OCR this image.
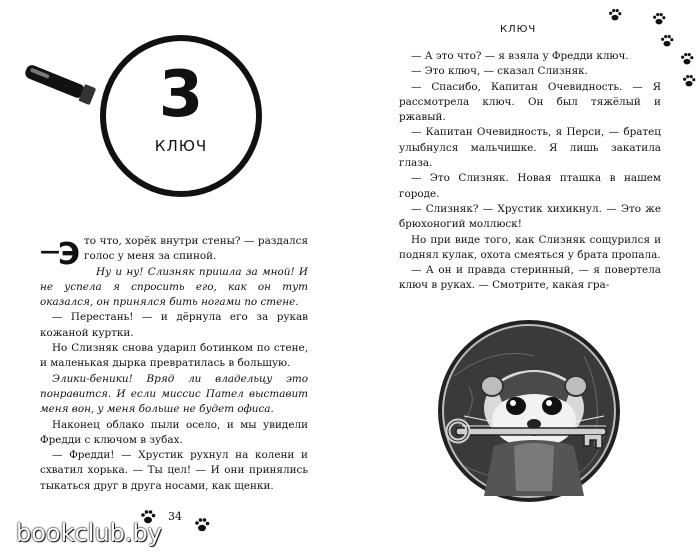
3
КЛЮЧ

—Э то что, хорёк внутри стены? — раздался голос у меня за спиной.

Ну и ну! Слизняк пришла за мной! И не успела я спросить его, как он тут оказался, он принялся бить ногами по стене.

— Перестань! — и дёрнула его за рукав кожаной куртки.

Но Слизняк снова ударил ботинком по стене, и маленькая дырка превратилась в большую.

Элики-беники! Вряд ли владельцу это понравится. И если миссис Пател выставит меня вон, у меня больше не будет офиса.

Наконец облако пыли осело, и мы увидели Фредди с ключом в зубах.

— Фредди! — Хрустик рухнул на колени и схватил хорька. — Ты цел! — И они принялись тыкаться друг в друга носами, как щенки.

34
КЛЮЧ

— А это что? — я взяла у Фредди ключ.

— Это ключ, — сказал Слизняк.

— Спасибо, Капитан Очевидность. — Я рассмотрела ключ. Он был тяжёлый и ржавый.

— Капитан Очевидность, я Перси, — братец улыбнулся мальчишке. Я лишь закатила глаза.

— Это Слизняк. Новая пташка в нашем городе.

— Слизняк? — Хрустик хихикнул. — Это же брюхоногий моллюск!

Но при виде того, как Слизняк сощурился и поднял кулак, охота смеяться у брата пропала.

— А он и правда стеринный, — я повертела ключ в руках. — Смотрите, какая гра-

bookclub.by
